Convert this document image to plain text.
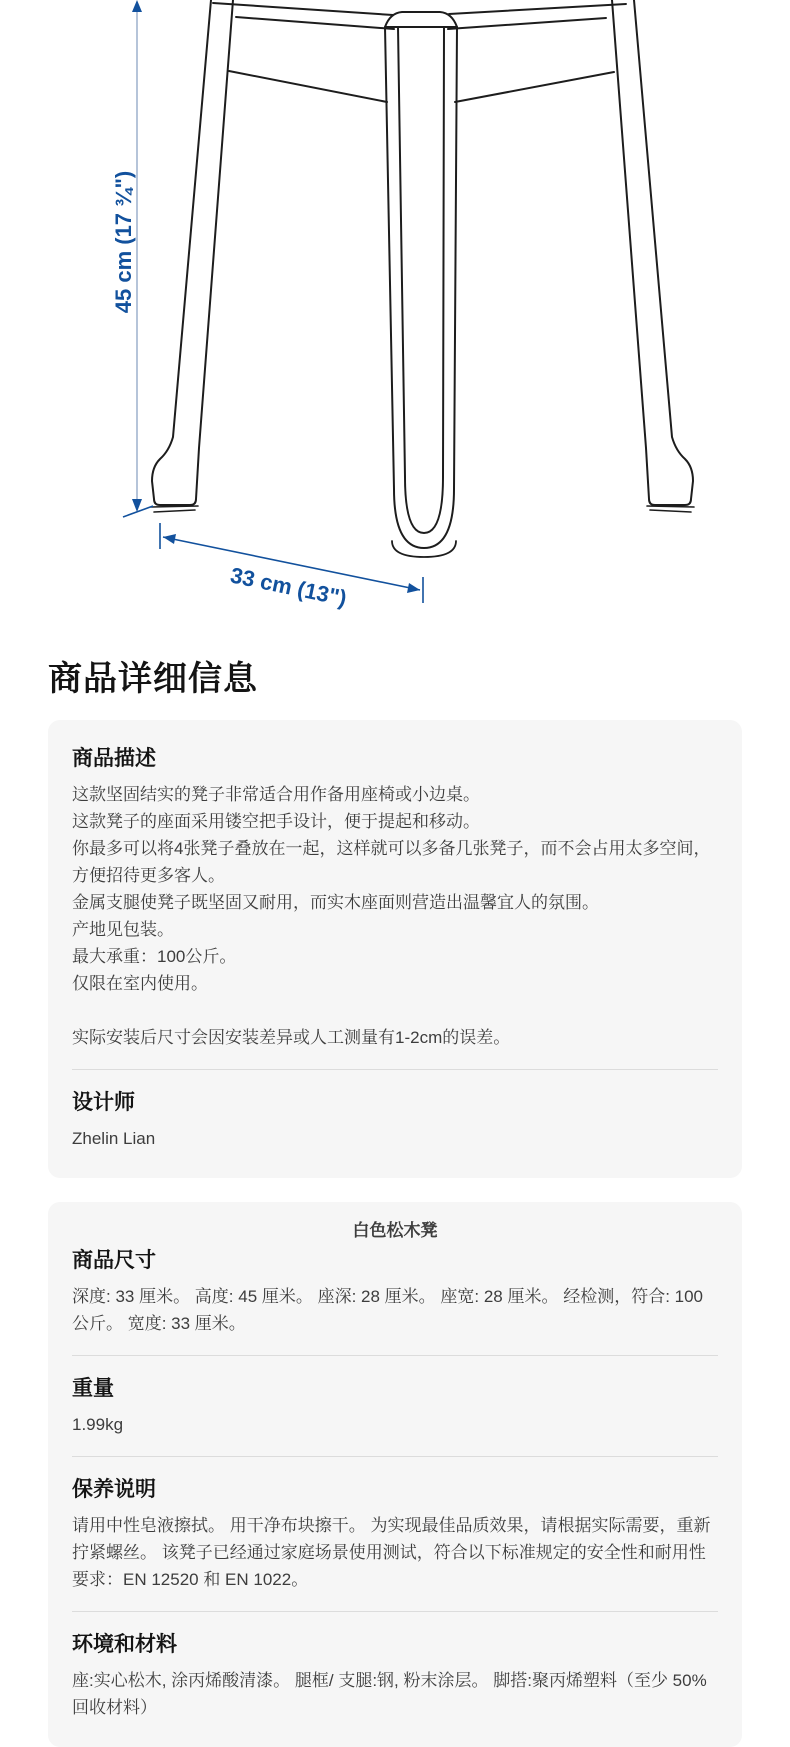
45 cm (17 ¾")
33 cm (13")
商品详细信息
商品描述

这款坚固结实的凳子非常适合用作备用座椅或小边桌。

这款凳子的座面采用镂空把手设计，便于提起和移动。

你最多可以将4张凳子叠放在一起，这样就可以多备几张凳子，而不会占用太多空间，方便招待更多客人。

金属支腿使凳子既坚固又耐用，而实木座面则营造出温馨宜人的氛围。

产地见包装。

最大承重：100公斤。

仅限在室内使用。

实际安装后尺寸会因安装差异或人工测量有1-2cm的误差。

设计师

Zhelin Lian

白色松木凳

商品尺寸

深度: 33 厘米。 高度: 45 厘米。 座深: 28 厘米。 座宽: 28 厘米。 经检测，符合: 100 公斤。 宽度: 33 厘米。

重量

1.99kg

保养说明

请用中性皂液擦拭。 用干净布块擦干。 为实现最佳品质效果，请根据实际需要，重新拧紧螺丝。 该凳子已经通过家庭场景使用测试，符合以下标准规定的安全性和耐用性要求：EN 12520 和 EN 1022。

环境和材料

座:实心松木, 涂丙烯酸清漆。 腿框/ 支腿:钢, 粉末涂层。 脚搭:聚丙烯塑料（至少 50%回收材料）
